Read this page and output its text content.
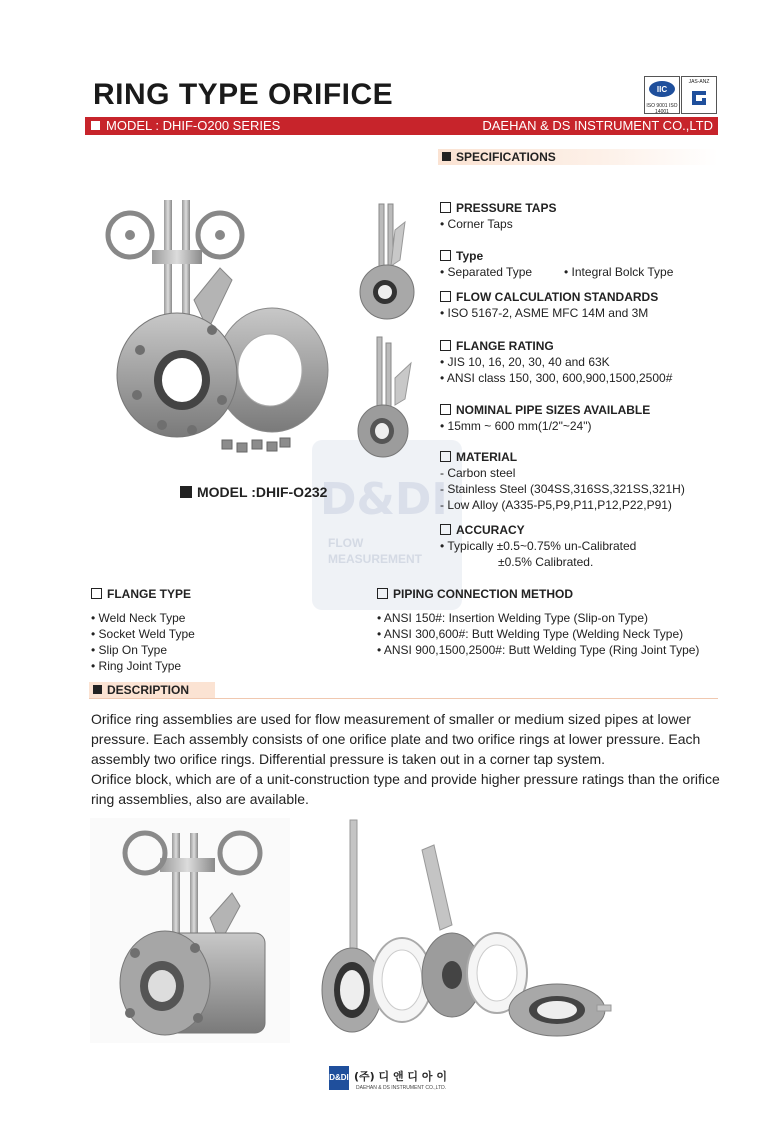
RING TYPE ORIFICE	IIC
ISO 9001 ISO 14001
JAS-ANZ
MODEL : DHIF-O200 SERIES	DAEHAN & DS INSTRUMENT CO.,LTD
SPECIFICATIONS
D&DI
FLOW
MEASUREMENT
MODEL :DHIF-O232
PRESSURE TAPS
• Corner Taps
Type
• Separated Type•	Integral Bolck Type
FLOW CALCULATION STANDARDS
• ISO 5167-2, ASME MFC 14M and 3M
FLANGE RATING
• JIS 10, 16, 20, 30, 40 and 63K
• ANSI class 150, 300, 600,900,1500,2500#
NOMINAL PIPE SIZES AVAILABLE
• 15mm ~ 600 mm(1/2"~24")
MATERIAL
- Carbon steel
- Stainless Steel (304SS,316SS,321SS,321H)
- Low Alloy (A335-P5,P9,P11,P12,P22,P91)
ACCURACY
• Typically ±0.5~0.75% un-Calibrated
±0.5% Calibrated.
FLANGE TYPE
• Weld Neck Type
• Socket Weld Type
• Slip On Type
• Ring Joint Type
PIPING CONNECTION METHOD
• ANSI 150#: Insertion Welding Type (Slip-on Type)
• ANSI 300,600#: Butt Welding Type (Welding Neck Type)
• ANSI 900,1500,2500#: Butt Welding Type (Ring Joint Type)
DESCRIPTION
Orifice ring assemblies are used for flow measurement of smaller or medium sized pipes at lower pressure. Each assembly consists of one orifice plate and two orifice rings at lower pressure. Each assembly two orifice rings. Differential pressure is taken out in a corner tap system.
Orifice block, which are of a unit-construction type and provide higher pressure ratings than the orifice ring assemblies, also are available.
D&DI (주) 디 앤 디 아 이
DAEHAN & DS INSTRUMENT CO.,LTD.
